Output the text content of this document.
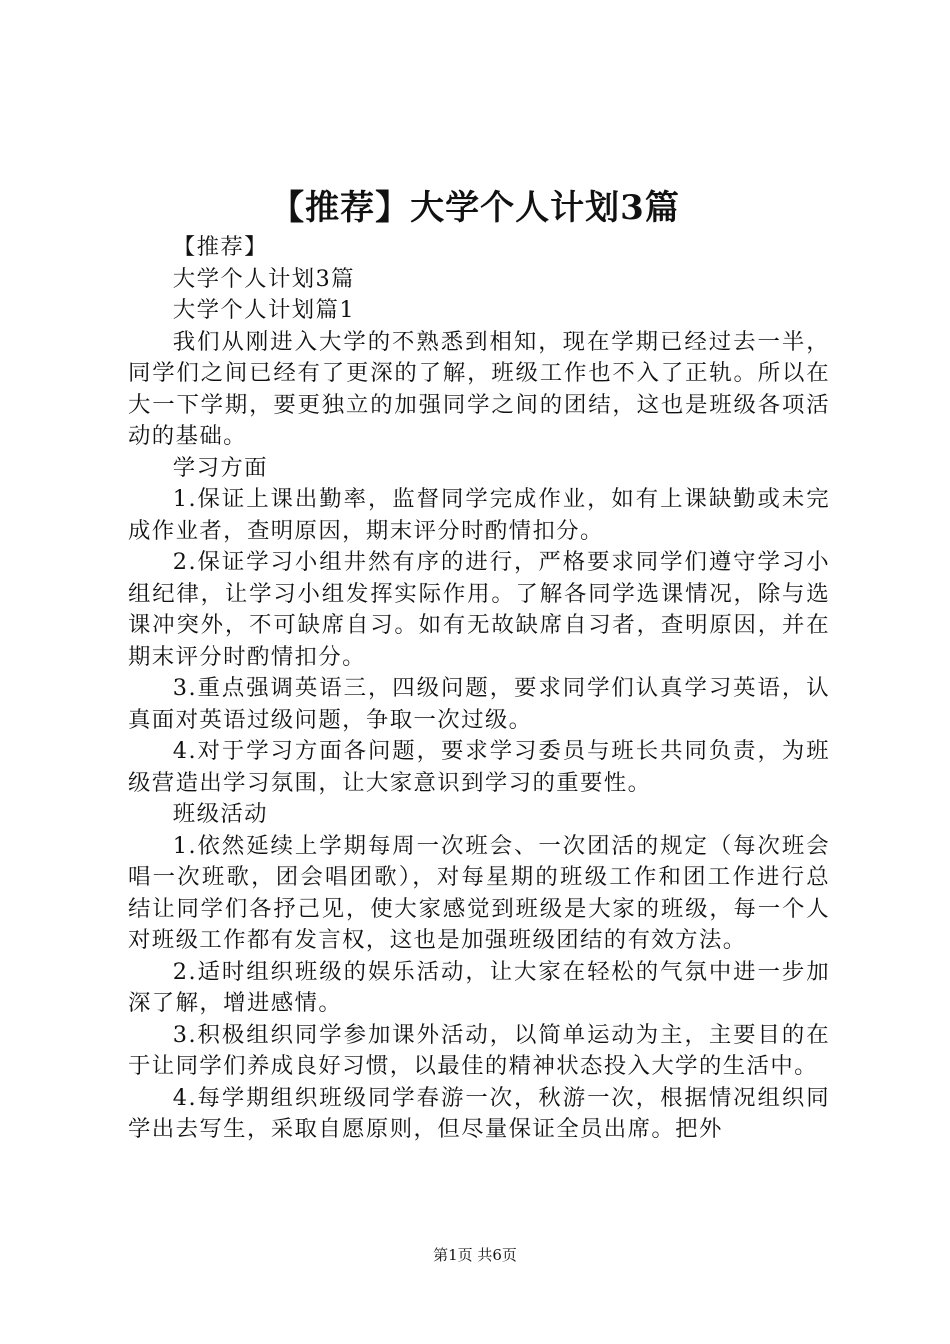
【推荐】大学个人计划3篇

【推荐】

大学个人计划3篇

大学个人计划篇1

我们从刚进入大学的不熟悉到相知，现在学期已经过去一半，同学们之间已经有了更深的了解，班级工作也不入了正轨。所以在大一下学期，要更独立的加强同学之间的团结，这也是班级各项活动的基础。

学习方面

1.保证上课出勤率，监督同学完成作业，如有上课缺勤或未完成作业者，查明原因，期末评分时酌情扣分。

2.保证学习小组井然有序的进行，严格要求同学们遵守学习小组纪律，让学习小组发挥实际作用。了解各同学选课情况，除与选课冲突外，不可缺席自习。如有无故缺席自习者，查明原因，并在期末评分时酌情扣分。

3.重点强调英语三，四级问题，要求同学们认真学习英语，认真面对英语过级问题，争取一次过级。

4.对于学习方面各问题，要求学习委员与班长共同负责，为班级营造出学习氛围，让大家意识到学习的重要性。

班级活动

1.依然延续上学期每周一次班会、一次团活的规定（每次班会唱一次班歌，团会唱团歌），对每星期的班级工作和团工作进行总结让同学们各抒己见，使大家感觉到班级是大家的班级，每一个人对班级工作都有发言权，这也是加强班级团结的有效方法。

2.适时组织班级的娱乐活动，让大家在轻松的气氛中进一步加深了解，增进感情。

3.积极组织同学参加课外活动，以简单运动为主，主要目的在于让同学们养成良好习惯，以最佳的精神状态投入大学的生活中。

4.每学期组织班级同学春游一次，秋游一次，根据情况组织同学出去写生，采取自愿原则，但尽量保证全员出席。把外

第1页 共6页
